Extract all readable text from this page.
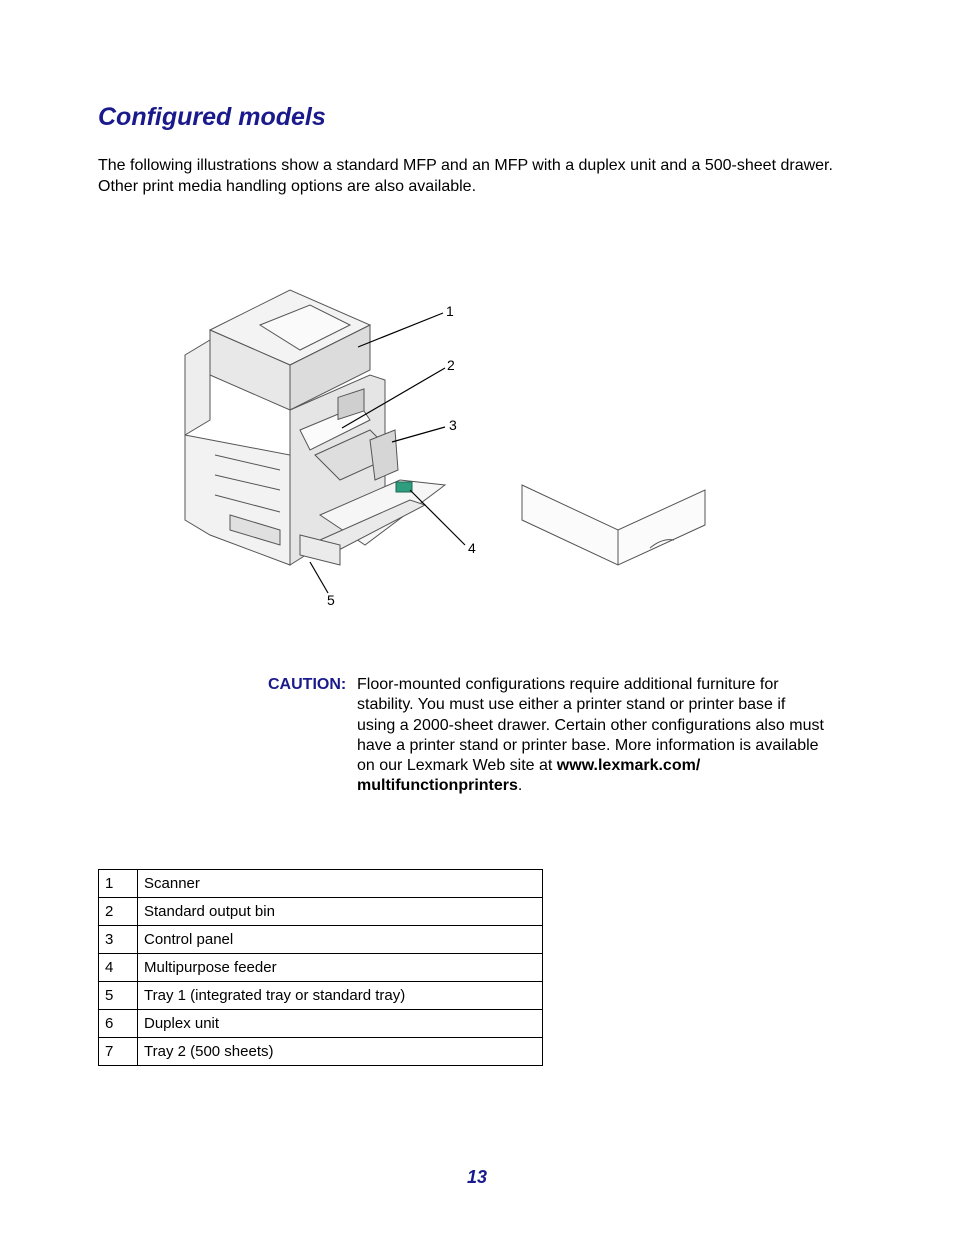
Configured models

The following illustrations show a standard MFP and an MFP with a duplex unit and a 500-sheet drawer. Other print media handling options are also available.

1
2
3
4
5
CAUTION: Floor-mounted configurations require additional furniture for stability. You must use either a printer stand or printer base if using a 2000-sheet drawer. Certain other configurations also must have a printer stand or printer base. More information is available on our Lexmark Web site at www.lexmark.com/ multifunctionprinters.

1	Scanner
2	Standard output bin
3	Control panel
4	Multipurpose feeder
5	Tray 1 (integrated tray or standard tray)
6	Duplex unit
7	Tray 2 (500 sheets)
13
